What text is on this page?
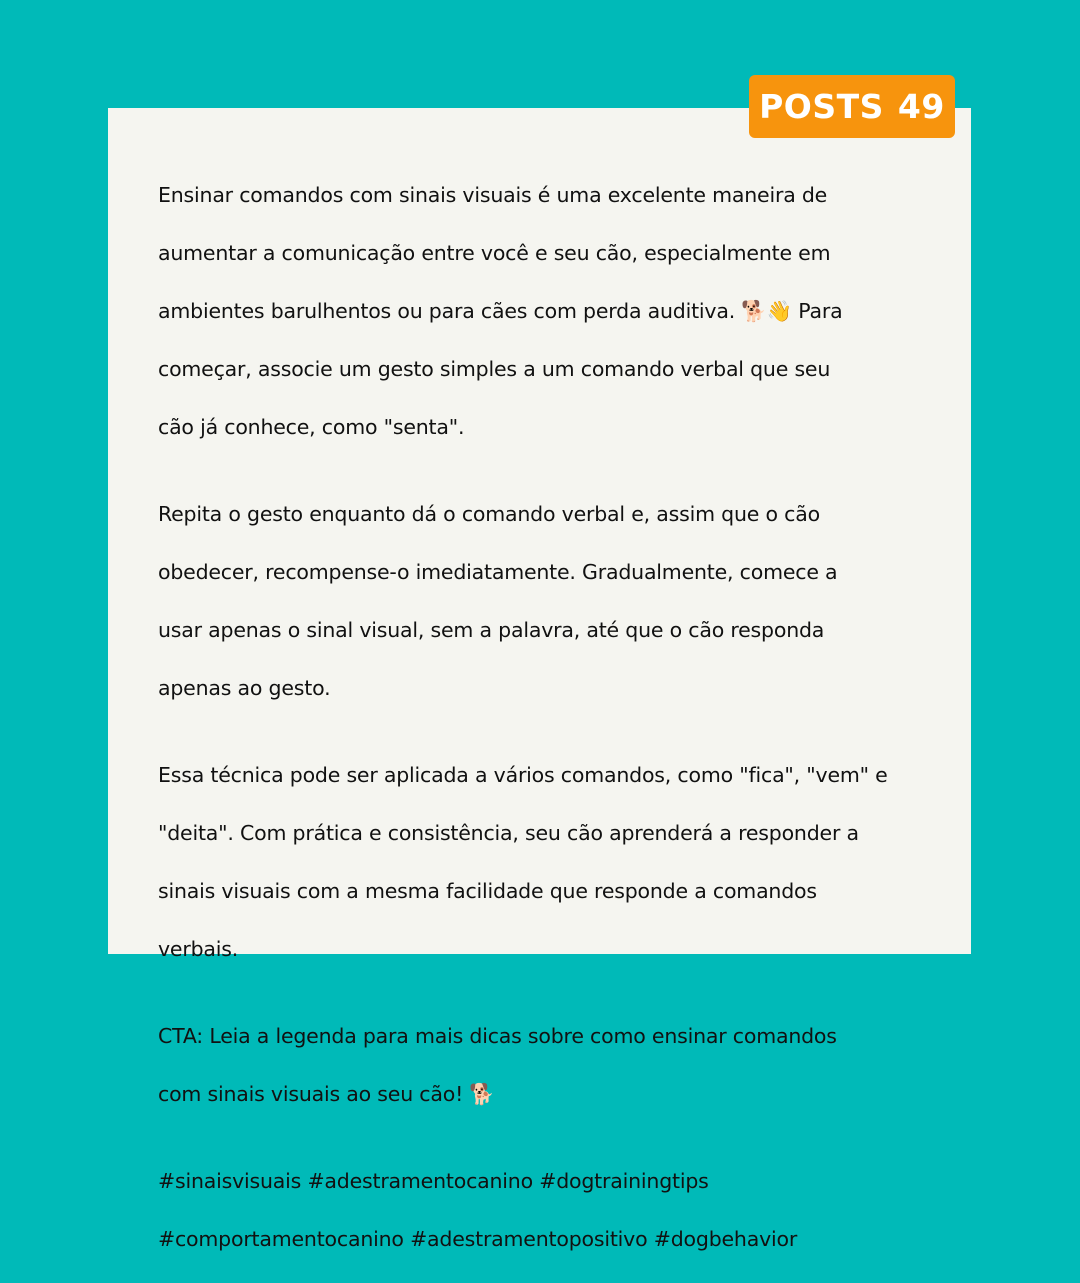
POSTS 49

Ensinar comandos com sinais visuais é uma excelente maneira de

aumentar a comunicação entre você e seu cão, especialmente em

ambientes barulhentos ou para cães com perda auditiva. 🐕👋 Para

começar, associe um gesto simples a um comando verbal que seu

cão já conhece, como "senta".

Repita o gesto enquanto dá o comando verbal e, assim que o cão

obedecer, recompense-o imediatamente. Gradualmente, comece a

usar apenas o sinal visual, sem a palavra, até que o cão responda

apenas ao gesto.

Essa técnica pode ser aplicada a vários comandos, como "fica", "vem" e

"deita". Com prática e consistência, seu cão aprenderá a responder a

sinais visuais com a mesma facilidade que responde a comandos

verbais.

CTA: Leia a legenda para mais dicas sobre como ensinar comandos

com sinais visuais ao seu cão! 🐕

#sinaisvisuais #adestramentocanino #dogtrainingtips

#comportamentocanino #adestramentopositivo #dogbehavior
